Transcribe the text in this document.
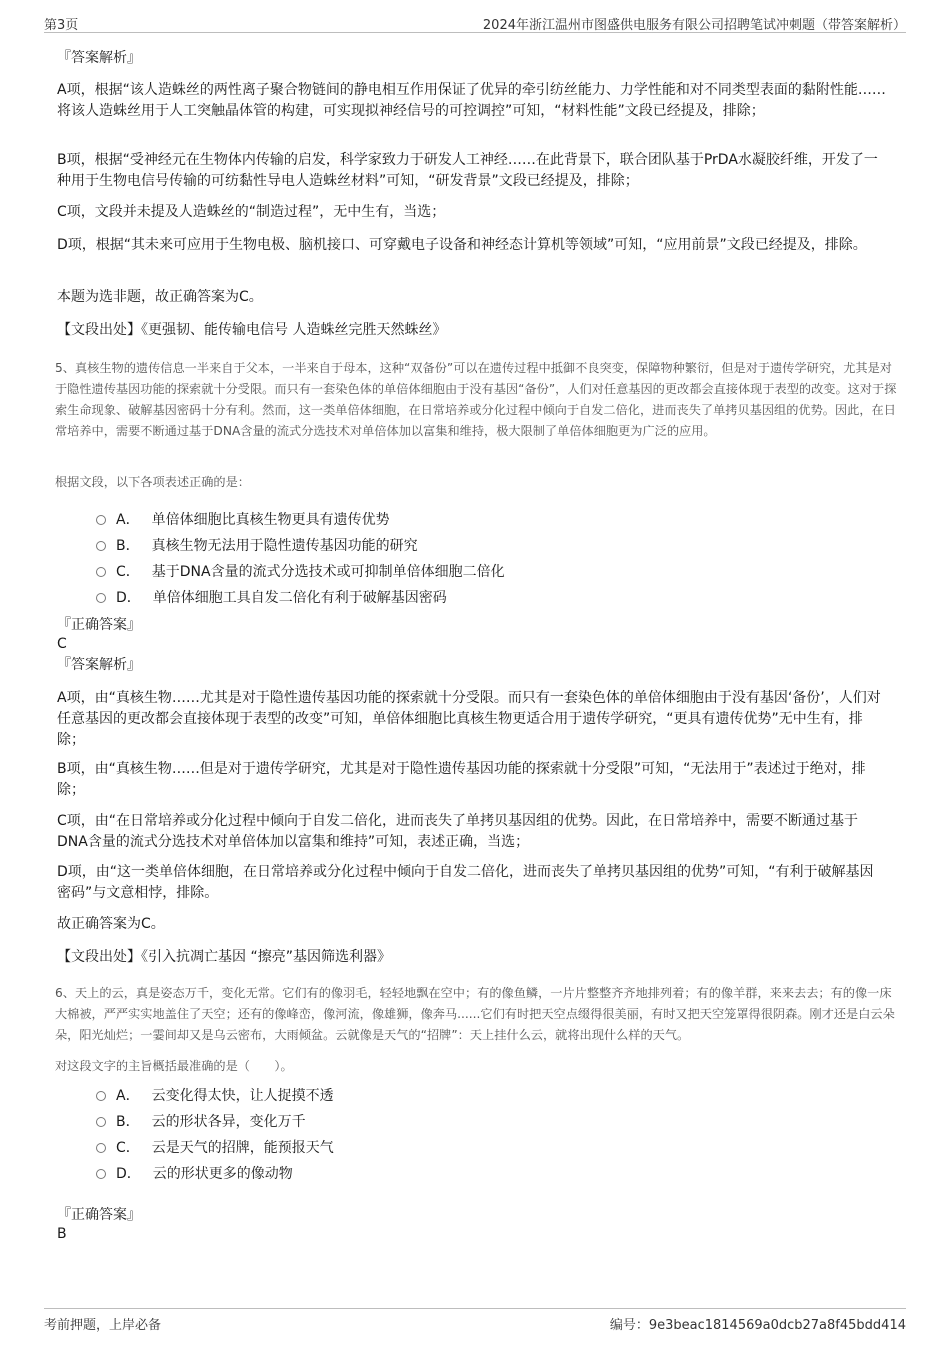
第3页	2024年浙江温州市图盛供电服务有限公司招聘笔试冲刺题（带答案解析）
『答案解析』
A项，根据“该人造蛛丝的两性离子聚合物链间的静电相互作用保证了优异的牵引纺丝能力、力学性能和对不同类型表面的黏附性能……将该人造蛛丝用于人工突触晶体管的构建，可实现拟神经信号的可控调控”可知，“材料性能”文段已经提及，排除；
B项，根据“受神经元在生物体内传输的启发，科学家致力于研发人工神经……在此背景下，联合团队基于PrDA水凝胶纤维，开发了一种用于生物电信号传输的可纺黏性导电人造蛛丝材料”可知，“研发背景”文段已经提及，排除；
C项，文段并未提及人造蛛丝的“制造过程”，无中生有，当选；
D项，根据“其未来可应用于生物电极、脑机接口、可穿戴电子设备和神经态计算机等领域”可知，“应用前景”文段已经提及，排除。
本题为选非题，故正确答案为C。
【文段出处】《更强韧、能传输电信号 人造蛛丝完胜天然蛛丝》
5、真核生物的遗传信息一半来自于父本，一半来自于母本，这种“双备份”可以在遗传过程中抵御不良突变，保障物种繁衍，但是对于遗传学研究，尤其是对于隐性遗传基因功能的探索就十分受限。而只有一套染色体的单倍体细胞由于没有基因“备份”，人们对任意基因的更改都会直接体现于表型的改变。这对于探索生命现象、破解基因密码十分有利。然而，这一类单倍体细胞，在日常培养或分化过程中倾向于自发二倍化，进而丧失了单拷贝基因组的优势。因此，在日常培养中，需要不断通过基于DNA含量的流式分选技术对单倍体加以富集和维持，极大限制了单倍体细胞更为广泛的应用。
根据文段，以下各项表述正确的是：
A． 单倍体细胞比真核生物更具有遗传优势
B． 真核生物无法用于隐性遗传基因功能的研究
C． 基于DNA含量的流式分选技术或可抑制单倍体细胞二倍化
D． 单倍体细胞工具自发二倍化有利于破解基因密码
『正确答案』
C
『答案解析』
A项，由“真核生物……尤其是对于隐性遗传基因功能的探索就十分受限。而只有一套染色体的单倍体细胞由于没有基因‘备份’，人们对任意基因的更改都会直接体现于表型的改变”可知，单倍体细胞比真核生物更适合用于遗传学研究，“更具有遗传优势”无中生有，排除；
B项，由“真核生物……但是对于遗传学研究，尤其是对于隐性遗传基因功能的探索就十分受限”可知，“无法用于”表述过于绝对，排除；
C项，由“在日常培养或分化过程中倾向于自发二倍化，进而丧失了单拷贝基因组的优势。因此，在日常培养中，需要不断通过基于DNA含量的流式分选技术对单倍体加以富集和维持”可知，表述正确，当选；
D项，由“这一类单倍体细胞，在日常培养或分化过程中倾向于自发二倍化，进而丧失了单拷贝基因组的优势”可知，“有利于破解基因密码”与文意相悖，排除。
故正确答案为C。
【文段出处】《引入抗凋亡基因 “擦亮”基因筛选利器》
6、天上的云，真是姿态万千，变化无常。它们有的像羽毛，轻轻地飘在空中；有的像鱼鳞，一片片整整齐齐地排列着；有的像羊群，来来去去；有的像一床大棉被，严严实实地盖住了天空；还有的像峰峦，像河流，像雄狮，像奔马......它们有时把天空点缀得很美丽，有时又把天空笼罩得很阴森。刚才还是白云朵朵，阳光灿烂；一霎间却又是乌云密布，大雨倾盆。云就像是天气的“招牌”：天上挂什么云，就将出现什么样的天气。
对这段文字的主旨概括最准确的是（　　）。
A． 云变化得太快，让人捉摸不透
B． 云的形状各异，变化万千
C． 云是天气的招牌，能预报天气
D． 云的形状更多的像动物
『正确答案』
B
考前押题，上岸必备	编号：9e3beac1814569a0dcb27a8f45bdd414
